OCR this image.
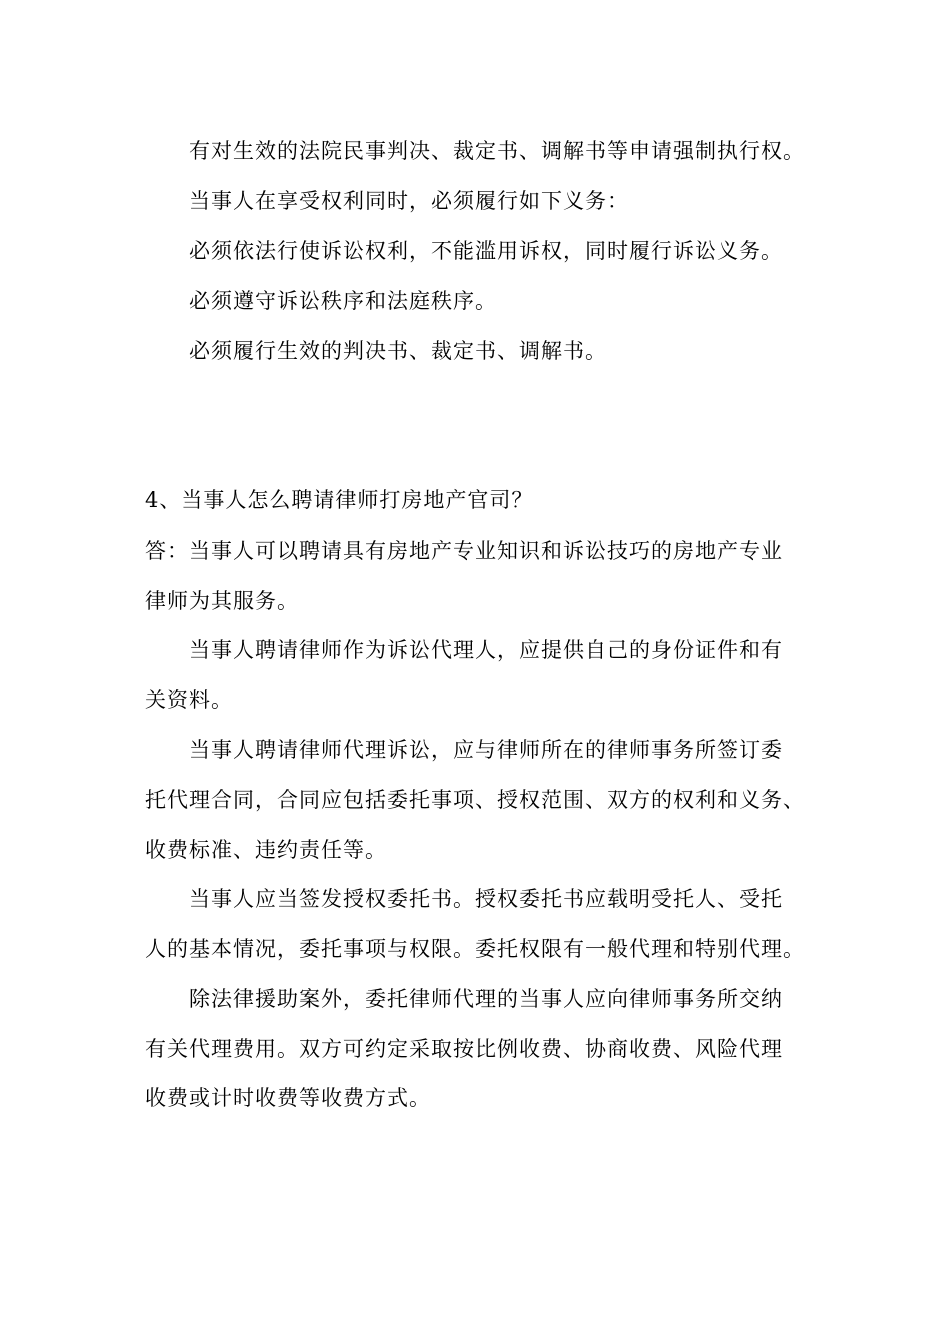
有对生效的法院民事判决、裁定书、调解书等申请强制执行权。
当事人在享受权利同时，必须履行如下义务：
必须依法行使诉讼权利，不能滥用诉权，同时履行诉讼义务。
必须遵守诉讼秩序和法庭秩序。
必须履行生效的判决书、裁定书、调解书。
4、当事人怎么聘请律师打房地产官司？
答：当事人可以聘请具有房地产专业知识和诉讼技巧的房地产专业
律师为其服务。
当事人聘请律师作为诉讼代理人，应提供自己的身份证件和有
关资料。
当事人聘请律师代理诉讼，应与律师所在的律师事务所签订委
托代理合同，合同应包括委托事项、授权范围、双方的权利和义务、
收费标准、违约责任等。
当事人应当签发授权委托书。授权委托书应载明受托人、受托
人的基本情况，委托事项与权限。委托权限有一般代理和特别代理。
除法律援助案外，委托律师代理的当事人应向律师事务所交纳
有关代理费用。双方可约定采取按比例收费、协商收费、风险代理
收费或计时收费等收费方式。
